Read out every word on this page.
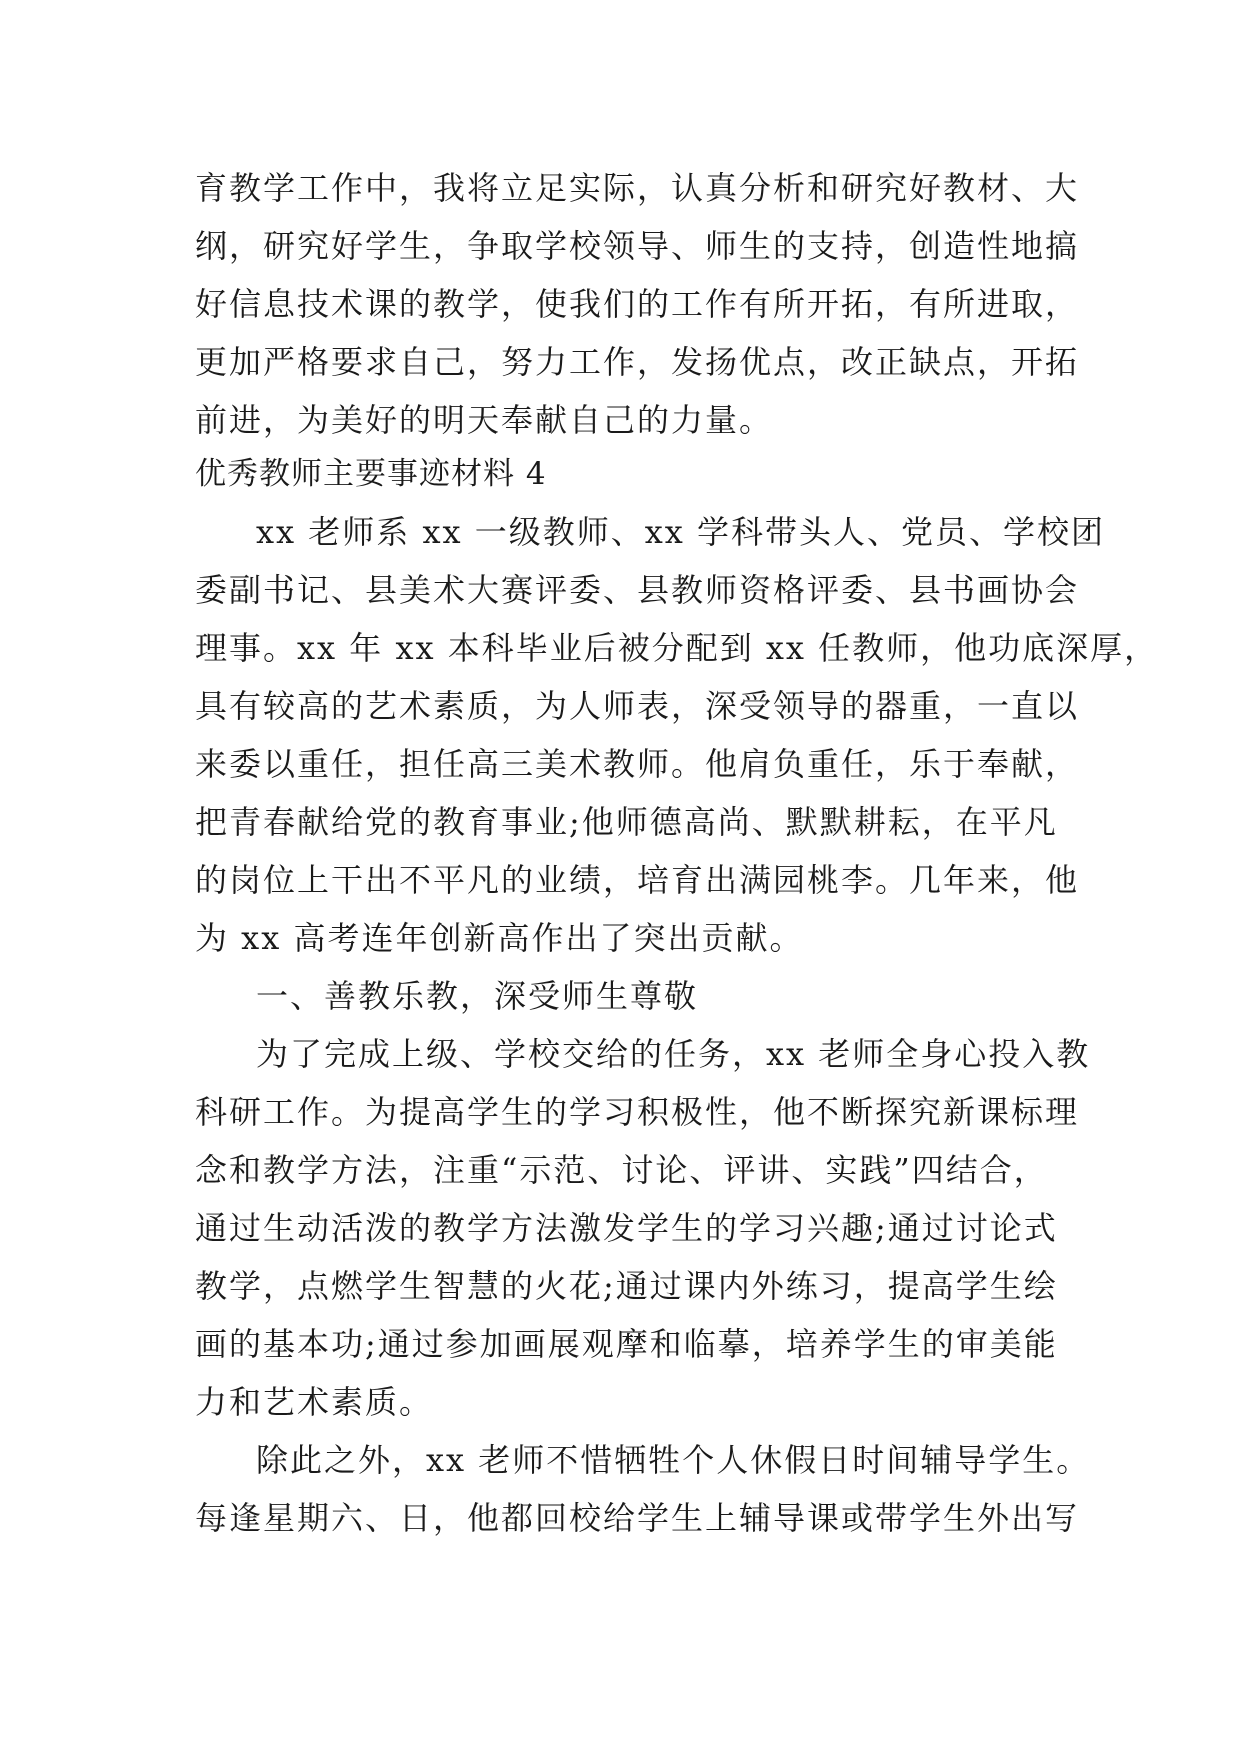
育教学工作中，我将立足实际，认真分析和研究好教材、大
纲，研究好学生，争取学校领导、师生的支持，创造性地搞
好信息技术课的教学，使我们的工作有所开拓，有所进取，
更加严格要求自己，努力工作，发扬优点，改正缺点，开拓
前进，为美好的明天奉献自己的力量。
优秀教师主要事迹材料 4
xx 老师系 xx 一级教师、xx 学科带头人、党员、学校团
委副书记、县美术大赛评委、县教师资格评委、县书画协会
理事。xx 年 xx 本科毕业后被分配到 xx 任教师，他功底深厚，
具有较高的艺术素质，为人师表，深受领导的器重，一直以
来委以重任，担任高三美术教师。他肩负重任，乐于奉献，
把青春献给党的教育事业;他师德高尚、默默耕耘，在平凡
的岗位上干出不平凡的业绩，培育出满园桃李。几年来，他
为 xx 高考连年创新高作出了突出贡献。
一、善教乐教，深受师生尊敬
为了完成上级、学校交给的任务，xx 老师全身心投入教
科研工作。为提高学生的学习积极性，他不断探究新课标理
念和教学方法，注重“示范、讨论、评讲、实践”四结合，
通过生动活泼的教学方法激发学生的学习兴趣;通过讨论式
教学，点燃学生智慧的火花;通过课内外练习，提高学生绘
画的基本功;通过参加画展观摩和临摹，培养学生的审美能
力和艺术素质。
除此之外，xx 老师不惜牺牲个人休假日时间辅导学生。
每逢星期六、日，他都回校给学生上辅导课或带学生外出写
